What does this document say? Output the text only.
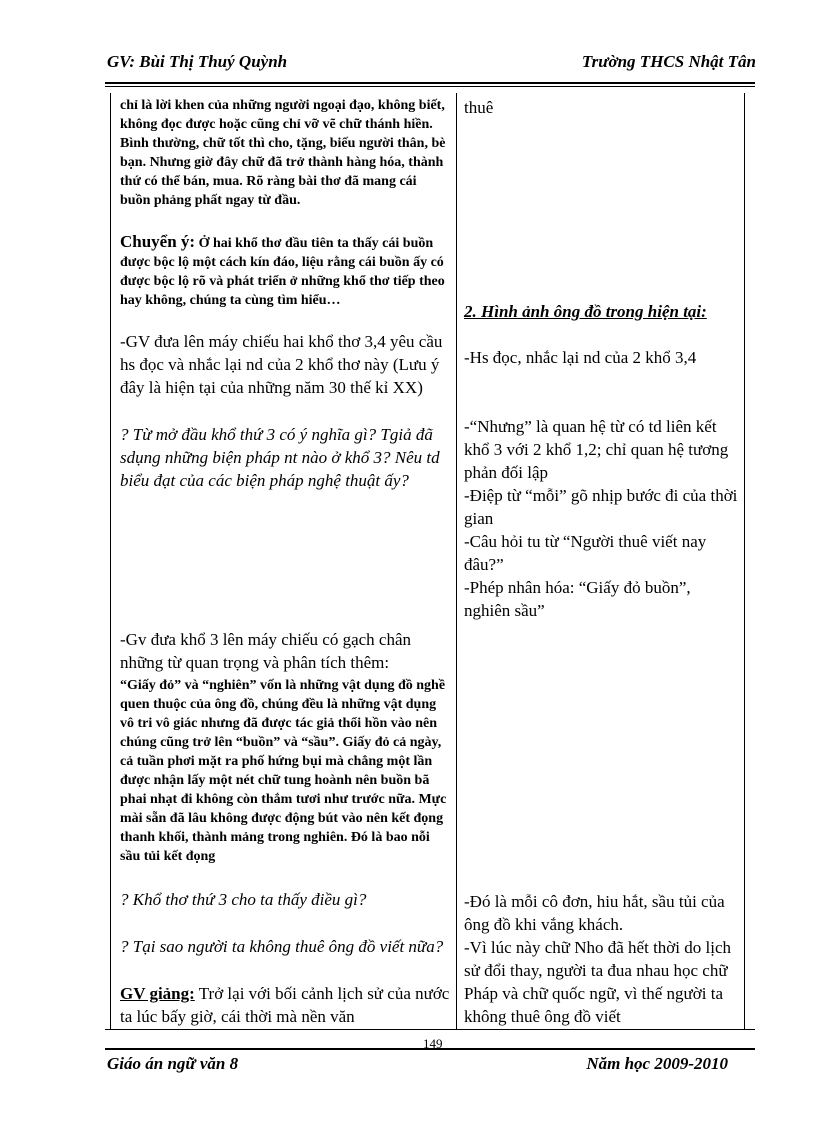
GV: Bùi Thị Thuý Quỳnh	Trường THCS Nhật Tân
chỉ là lời khen của những người ngoại đạo, không biết, không đọc được hoặc cũng chỉ vỡ vẽ chữ thánh hiền. Bình thường, chữ tốt thì cho, tặng, biếu người thân, bè bạn. Nhưng giờ đây chữ đã trở thành hàng hóa, thành thứ có thể bán, mua. Rõ ràng bài thơ đã mang cái buồn phảng phất ngay từ đầu.
Chuyển ý: Ở hai khổ thơ đầu tiên ta thấy cái buồn được bộc lộ một cách kín đáo, liệu rằng cái buồn ấy có được bộc lộ rõ và phát triển ở những khổ thơ tiếp theo hay không, chúng ta cùng tìm hiểu…
-GV đưa lên máy chiếu hai khổ thơ 3,4 yêu cầu hs đọc và nhắc lại nd của 2 khổ thơ này (Lưu ý đây là hiện tại của những năm 30 thế kỉ XX)
? Từ mở đầu khổ thứ 3 có ý nghĩa gì? Tgiả đã sdụng những biện pháp nt nào ở khổ 3? Nêu td biểu đạt của các biện pháp nghệ thuật ấy?
-Gv đưa khổ 3 lên máy chiếu có gạch chân những từ quan trọng và phân tích thêm:
“Giấy đỏ” và “nghiên” vốn là những vật dụng đồ nghề quen thuộc của ông đồ, chúng đều là những vật dụng vô tri vô giác nhưng đã được tác giả thổi hồn vào nên chúng cũng trở lên “buồn” và “sầu”. Giấy đỏ cả ngày, cả tuần phơi mặt ra phố hứng bụi mà chẳng một lần được nhận lấy một nét chữ tung hoành nên buồn bã phai nhạt đi không còn thắm tươi như trước nữa. Mực mài sẵn đã lâu không được động bút vào nên kết đọng thanh khối, thành mảng trong nghiên. Đó là bao nỗi sầu tủi kết đọng
? Khổ thơ thứ 3 cho ta thấy điều gì?
? Tại sao người ta không thuê ông đồ viết nữa?
GV giảng: Trở lại với bối cảnh lịch sử của nước ta lúc bấy giờ, cái thời mà nền văn
thuê
2. Hình ảnh ông đồ trong hiện tại:
-Hs đọc, nhắc lại nd của 2 khổ 3,4

-“Nhưng” là quan hệ từ có td liên kết khổ 3 với 2 khổ 1,2; chỉ quan hệ tương phản đối lập

-Điệp từ “mỗi” gõ nhịp bước đi của thời gian

-Câu hỏi tu từ “Người thuê viết nay đâu?”

-Phép nhân hóa: “Giấy đỏ buồn”, nghiên sầu”

-Đó là mỗi cô đơn, hiu hắt, sầu tủi của ông đồ khi vắng khách.
-Vì lúc này chữ Nho đã hết thời do lịch sử đổi thay, người ta đua nhau học chữ Pháp và chữ quốc ngữ, vì thế người ta không thuê ông đồ viết
149
Giáo án ngữ văn 8	Năm học 2009-2010
